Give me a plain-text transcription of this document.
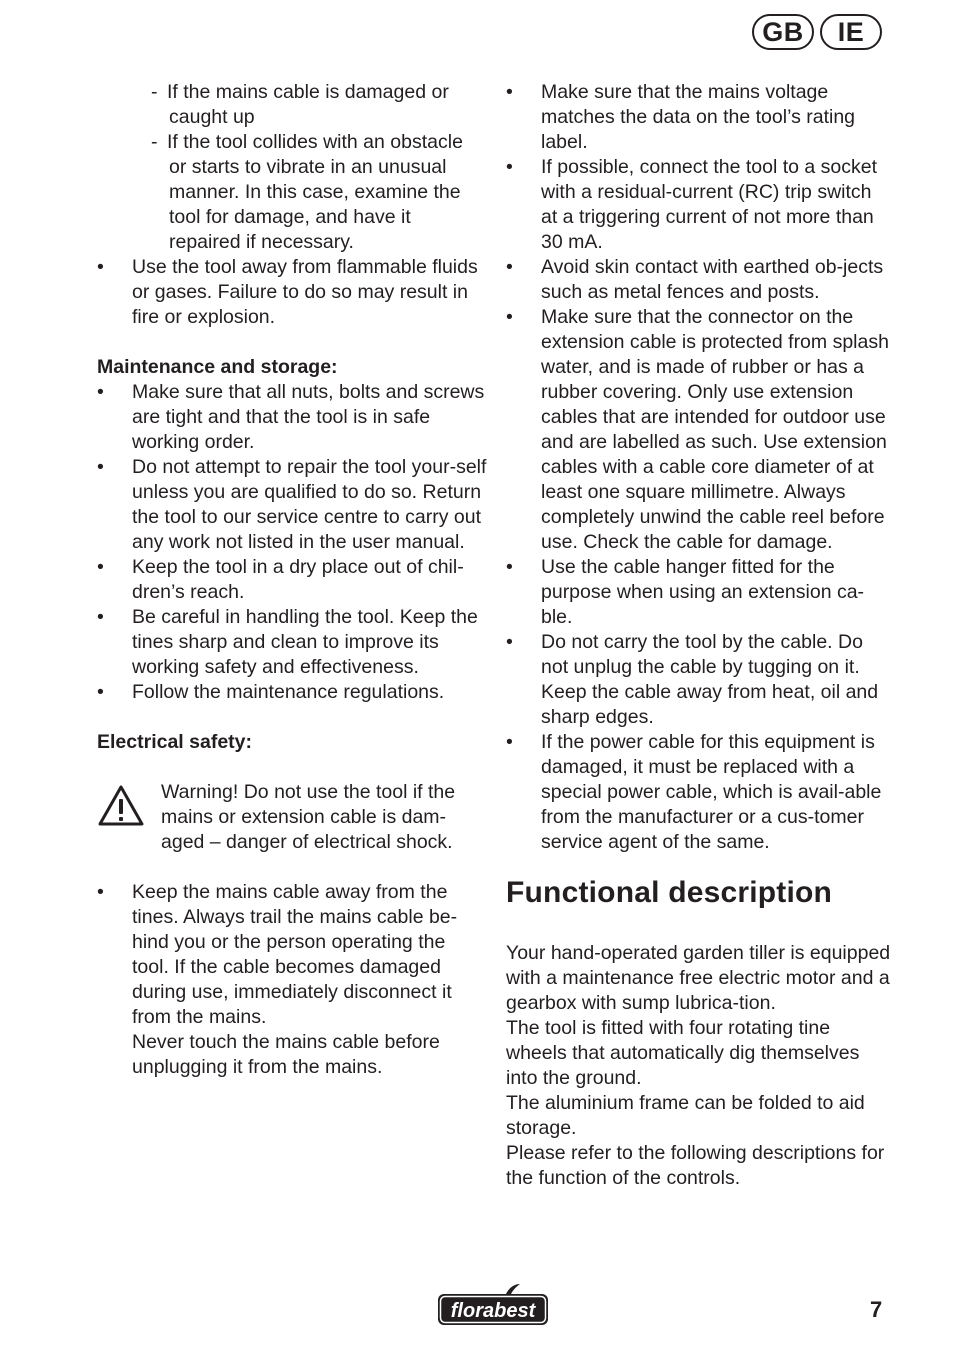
GB	IE
- If the mains cable is damaged or
caught up
- If the tool collides with an obstacle

or starts to vibrate in an unusual manner. In this case, examine the tool for damage, and have it repaired if necessary.
• Use the tool away from flammable fluids or gases. Failure to do so may result in fire or explosion.
Maintenance and storage:
• Make sure that all nuts, bolts and screws are tight and that the tool is in safe working order.
• Do not attempt to repair the tool your-self unless you are qualified to do so. Return the tool to our service centre to carry out any work not listed in the user manual.
• Keep the tool in a dry place out of chil-dren’s reach.
• Be careful in handling the tool. Keep the tines sharp and clean to improve its working safety and effectiveness.
• Follow the maintenance regulations.
Electrical safety:
Warning! Do not use the tool if the mains or extension cable is dam-aged – danger of electrical shock.
• Keep the mains cable away from the tines. Always trail the mains cable be-hind you or the person operating the tool. If the cable becomes damaged during use, immediately disconnect it from the mains.
Never touch the mains cable before unplugging it from the mains.
• Make sure that the mains voltage matches the data on the tool’s rating label.
• If possible, connect the tool to a socket with a residual-current (RC) trip switch at a triggering current of not more than 30 mA.
• Avoid skin contact with earthed ob-jects such as metal fences and posts.
• Make sure that the connector on the extension cable is protected from splash water, and is made of rubber or has a rubber covering. Only use extension cables that are intended for outdoor use and are labelled as such. Use extension cables with a cable core diameter of at least one square millimetre. Always completely unwind the cable reel before use. Check the cable for damage.
• Use the cable hanger fitted for the purpose when using an extension ca-ble.
• Do not carry the tool by the cable. Do not unplug the cable by tugging on it. Keep the cable away from heat, oil and sharp edges.
• If the power cable for this equipment is damaged, it must be replaced with a special power cable, which is avail-able from the manufacturer or a cus-tomer service agent of the same.
Functional description
Your hand-operated garden tiller is equipped with a maintenance free electric motor and a gearbox with sump lubrica-tion.
The tool is fitted with four rotating tine wheels that automatically dig themselves into the ground.
The aluminium frame can be folded to aid storage.
Please refer to the following descriptions for the function of the controls.
florabest	7
